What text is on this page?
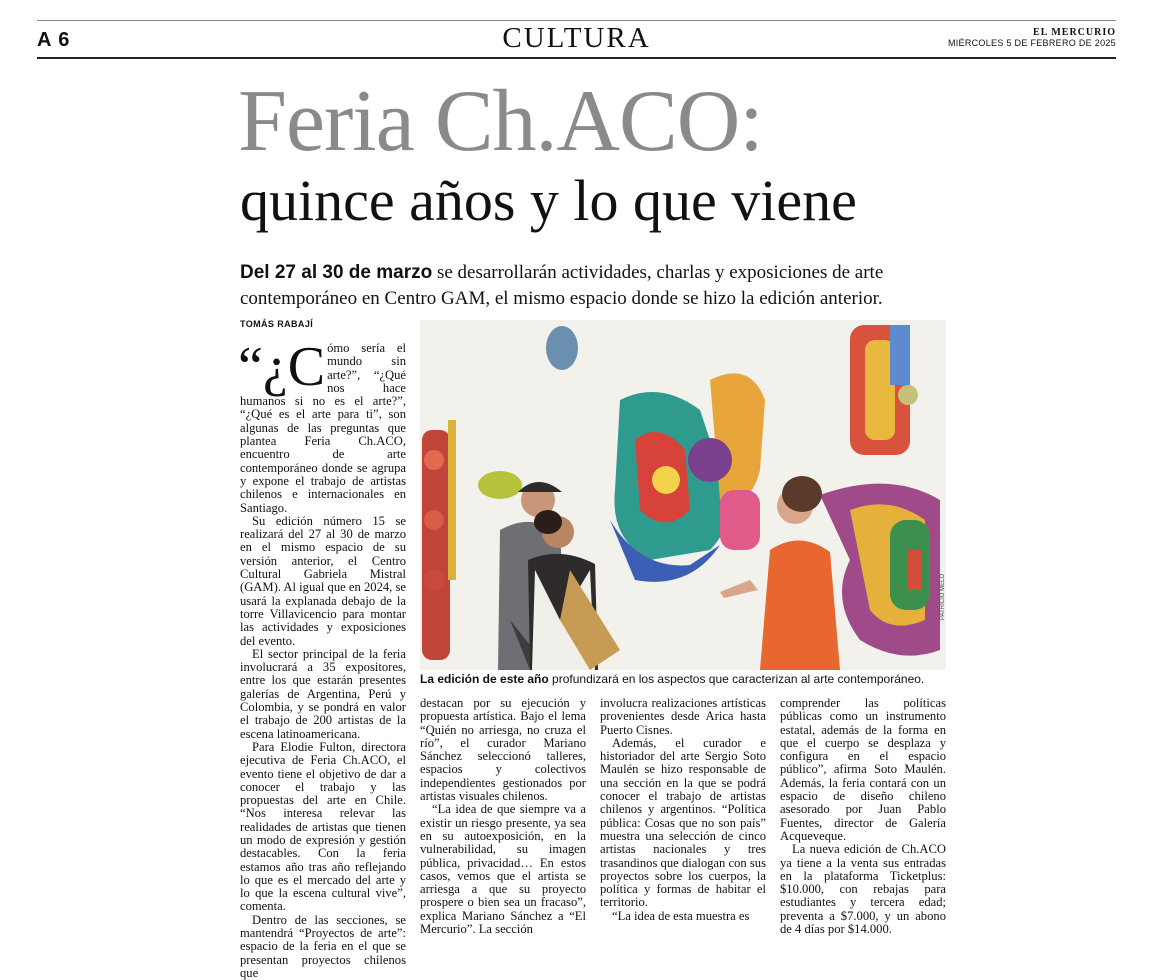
A 6	CULTURA	EL MERCURIO
MIÉRCOLES 5 DE FEBRERO DE 2025
Feria Ch.ACO:
quince años y lo que viene
Del 27 al 30 de marzo se desarrollarán actividades, charlas y exposiciones de arte contemporáneo en Centro GAM, el mismo espacio donde se hizo la edición anterior.
TOMÁS RABAJÍ

“¿C ómo sería el mundo sin arte?”, “¿Qué nos hace humanos si no es el arte?”, “¿Qué es el arte para ti”, son algunas de las preguntas que plantea Feria Ch.ACO, encuentro de arte contemporáneo donde se agrupa y expone el trabajo de artistas chilenos e internacionales en Santiago.

Su edición número 15 se realizará del 27 al 30 de marzo en el mismo espacio de su versión anterior, el Centro Cultural Gabriela Mistral (GAM). Al igual que en 2024, se usará la explanada debajo de la torre Villavicencio para montar las actividades y exposiciones del evento.

El sector principal de la feria involucrará a 35 expositores, entre los que estarán presentes galerías de Argentina, Perú y Colombia, y se pondrá en valor el trabajo de 200 artistas de la escena latinoamericana.

Para Elodie Fulton, directora ejecutiva de Feria Ch.ACO, el evento tiene el objetivo de dar a conocer el trabajo y las propuestas del arte en Chile. “Nos interesa relevar las realidades de artistas que tienen un modo de expresión y gestión destacables. Con la feria estamos año tras año reflejando lo que es el mercado del arte y lo que la escena cultural vive”, comenta.

Dentro de las secciones, se mantendrá “Proyectos de arte”: espacio de la feria en el que se presentan proyectos chilenos que

PATRICIO MELO
La edición de este año profundizará en los aspectos que caracterizan al arte contemporáneo.

destacan por su ejecución y propuesta artística. Bajo el lema “Quién no arriesga, no cruza el río”, el curador Mariano Sánchez seleccionó talleres, espacios y colectivos independientes gestionados por artistas visuales chilenos.

“La idea de que siempre va a existir un riesgo presente, ya sea en su autoexposición, en la vulnerabilidad, su imagen pública, privacidad… En estos casos, vemos que el artista se arriesga a que su proyecto prospere o bien sea un fracaso”, explica Mariano Sánchez a “El Mercurio”. La sección

involucra realizaciones artísticas provenientes desde Arica hasta Puerto Cisnes.

Además, el curador e historiador del arte Sergio Soto Maulén se hizo responsable de una sección en la que se podrá conocer el trabajo de artistas chilenos y argentinos. “Política pública: Cosas que no son país” muestra una selección de cinco artistas nacionales y tres trasandinos que dialogan con sus proyectos sobre los cuerpos, la política y formas de habitar el territorio.

“La idea de esta muestra es

comprender las políticas públicas como un instrumento estatal, además de la forma en que el cuerpo se desplaza y configura en el espacio público”, afirma Soto Maulén. Además, la feria contará con un espacio de diseño chileno asesorado por Juan Pablo Fuentes, director de Galería Acqueveque.

La nueva edición de Ch.ACO ya tiene a la venta sus entradas en la plataforma Ticketplus: $10.000, con rebajas para estudiantes y tercera edad; preventa a $7.000, y un abono de 4 días por $14.000.
